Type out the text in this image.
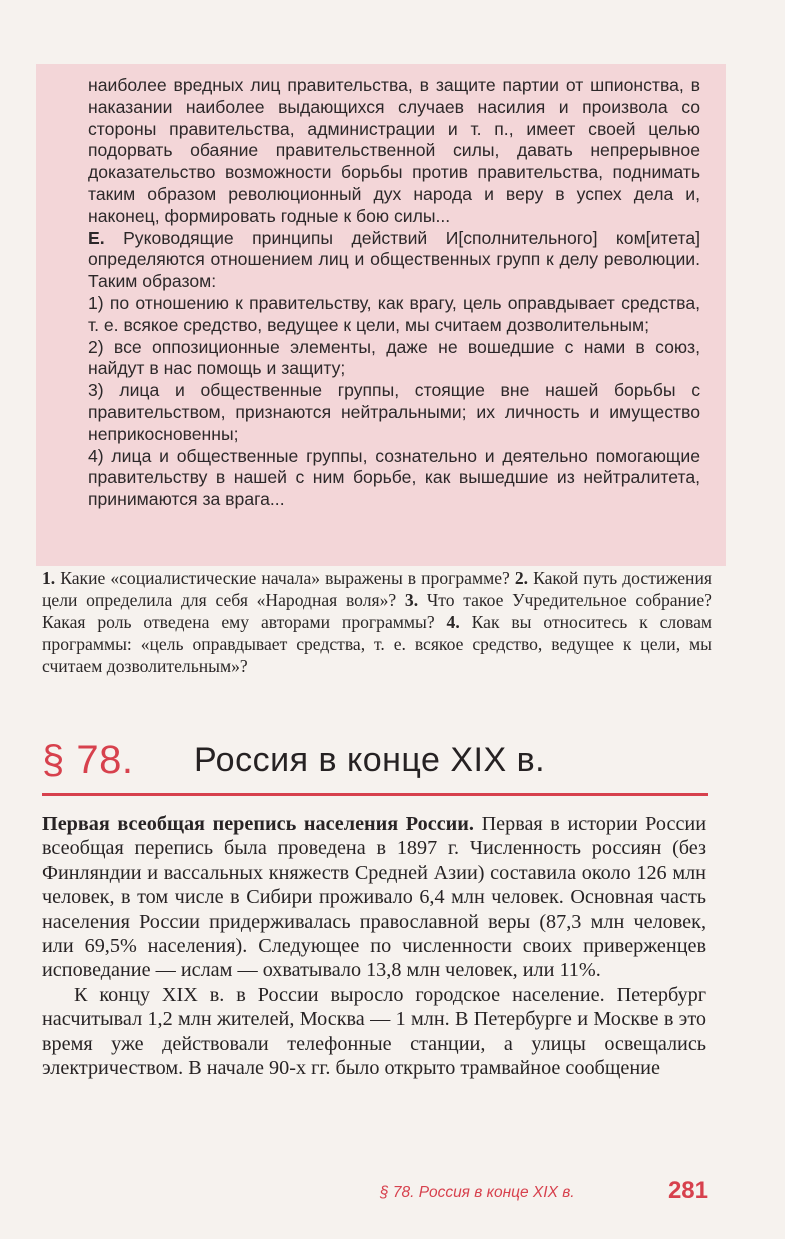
наиболее вредных лиц правительства, в защите партии от шпионства, в наказании наиболее выдающихся случаев насилия и произвола со стороны правительства, администрации и т. п., имеет своей целью подорвать обаяние правительственной силы, давать непрерывное доказательство возможности борьбы против правительства, поднимать таким образом революционный дух народа и веру в успех дела и, наконец, формировать годные к бою силы...

Е. Руководящие принципы действий И[сполнительного] ком[итета] определяются отношением лиц и общественных групп к делу революции. Таким образом:

1) по отношению к правительству, как врагу, цель оправдывает средства, т. е. всякое средство, ведущее к цели, мы считаем дозволительным;

2) все оппозиционные элементы, даже не вошедшие с нами в союз, найдут в нас помощь и защиту;

3) лица и общественные группы, стоящие вне нашей борьбы с правительством, признаются нейтральными; их личность и имущество неприкосновенны;

4) лица и общественные группы, сознательно и деятельно помогающие правительству в нашей с ним борьбе, как вышедшие из нейтралитета, принимаются за врага...

1. Какие «социалистические начала» выражены в программе? 2. Какой путь достижения цели определила для себя «Народная воля»? 3. Что такое Учредительное собрание? Какая роль отведена ему авторами программы? 4. Как вы относитесь к словам программы: «цель оправдывает средства, т. е. всякое средство, ведущее к цели, мы считаем дозволительным»?
§ 78. Россия в конце XIX в.

Первая всеобщая перепись населения России. Первая в истории России всеобщая перепись была проведена в 1897 г. Численность россиян (без Финляндии и вассальных княжеств Средней Азии) составила около 126 млн человек, в том числе в Сибири проживало 6,4 млн человек. Основная часть населения России придерживалась православной веры (87,3 млн человек, или 69,5% населения). Следующее по численности своих приверженцев исповедание — ислам — охватывало 13,8 млн человек, или 11%.

К концу XIX в. в России выросло городское население. Петербург насчитывал 1,2 млн жителей, Москва — 1 млн. В Петербурге и Москве в это время уже действовали телефонные станции, а улицы освещались электричеством. В начале 90-х гг. было открыто трамвайное сообщение

§ 78. Россия в конце XIX в.	281
